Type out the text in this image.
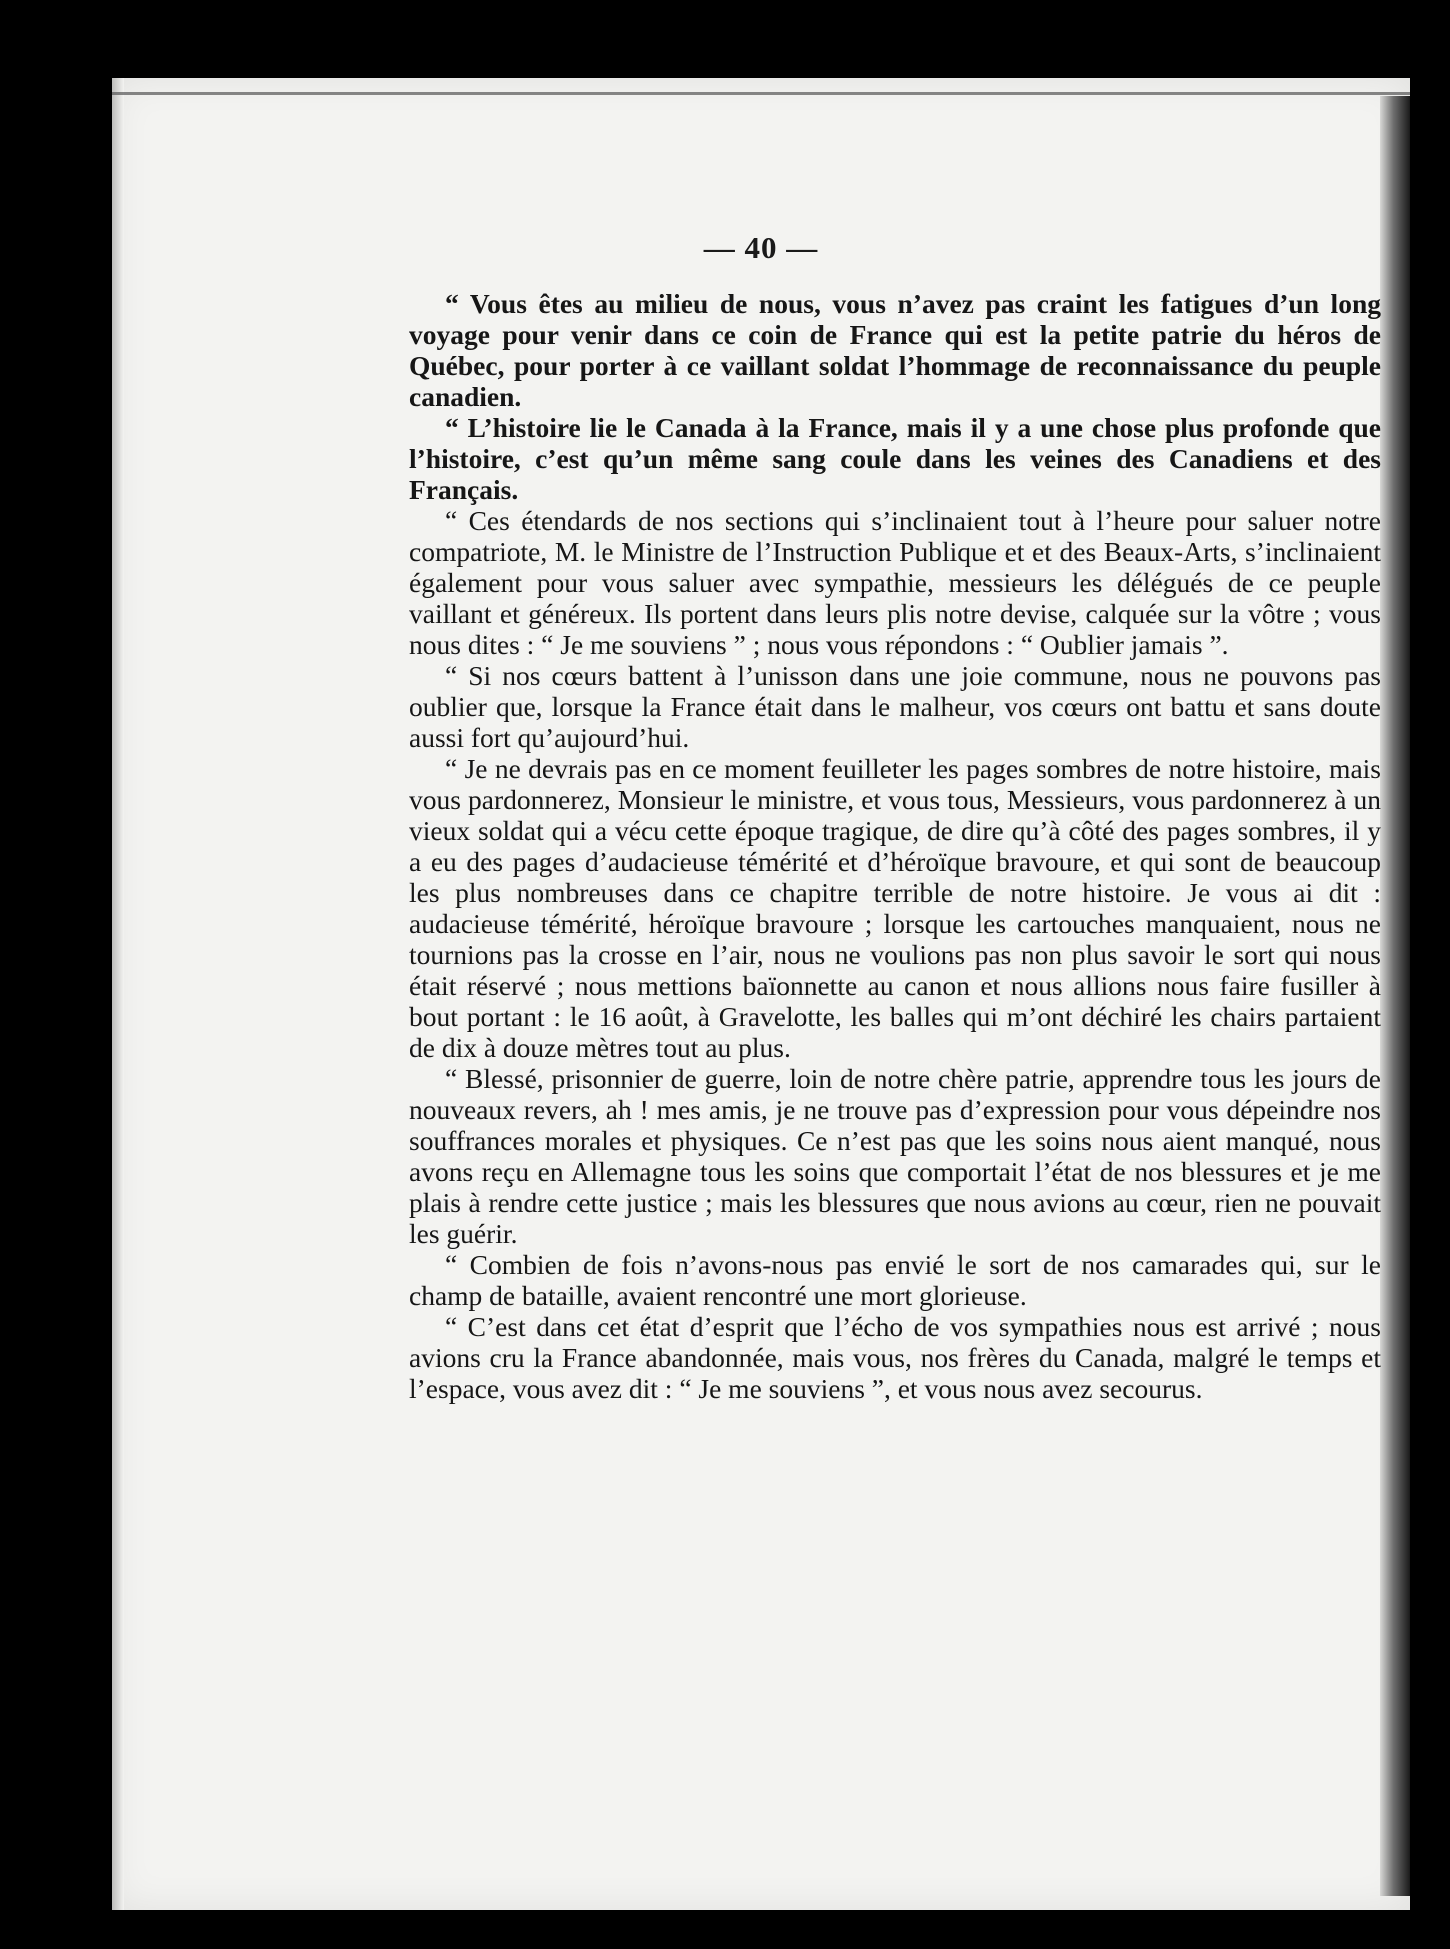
— 40 —

“ Vous êtes au milieu de nous, vous n’avez pas craint les fatigues d’un long voyage pour venir dans ce coin de France qui est la petite patrie du héros de Québec, pour porter à ce vaillant soldat l’hommage de reconnaissance du peuple canadien.

“ L’histoire lie le Canada à la France, mais il y a une chose plus profonde que l’histoire, c’est qu’un même sang coule dans les veines des Canadiens et des Français.

“ Ces étendards de nos sections qui s’inclinaient tout à l’heure pour saluer notre compatriote, M. le Ministre de l’Instruction Publique et et des Beaux-Arts, s’inclinaient également pour vous saluer avec sympathie, messieurs les délégués de ce peuple vaillant et généreux. Ils portent dans leurs plis notre devise, calquée sur la vôtre ; vous nous dites : “ Je me souviens ” ; nous vous répondons : “ Oublier jamais ”.

“ Si nos cœurs battent à l’unisson dans une joie commune, nous ne pouvons pas oublier que, lorsque la France était dans le malheur, vos cœurs ont battu et sans doute aussi fort qu’aujourd’hui.

“ Je ne devrais pas en ce moment feuilleter les pages sombres de notre histoire, mais vous pardonnerez, Monsieur le ministre, et vous tous, Messieurs, vous pardonnerez à un vieux soldat qui a vécu cette époque tragique, de dire qu’à côté des pages sombres, il y a eu des pages d’audacieuse témérité et d’héroïque bravoure, et qui sont de beaucoup les plus nombreuses dans ce chapitre terrible de notre histoire. Je vous ai dit : audacieuse témérité, héroïque bravoure ; lorsque les cartouches manquaient, nous ne tournions pas la crosse en l’air, nous ne voulions pas non plus savoir le sort qui nous était réservé ; nous mettions baïonnette au canon et nous allions nous faire fusiller à bout portant : le 16 août, à Gravelotte, les balles qui m’ont déchiré les chairs partaient de dix à douze mètres tout au plus.

“ Blessé, prisonnier de guerre, loin de notre chère patrie, apprendre tous les jours de nouveaux revers, ah ! mes amis, je ne trouve pas d’expression pour vous dépeindre nos souffrances morales et physiques. Ce n’est pas que les soins nous aient manqué, nous avons reçu en Allemagne tous les soins que comportait l’état de nos blessures et je me plais à rendre cette justice ; mais les blessures que nous avions au cœur, rien ne pouvait les guérir.

“ Combien de fois n’avons-nous pas envié le sort de nos camarades qui, sur le champ de bataille, avaient rencontré une mort glorieuse.

“ C’est dans cet état d’esprit que l’écho de vos sympathies nous est arrivé ; nous avions cru la France abandonnée, mais vous, nos frères du Canada, malgré le temps et l’espace, vous avez dit : “ Je me souviens ”, et vous nous avez secourus.
